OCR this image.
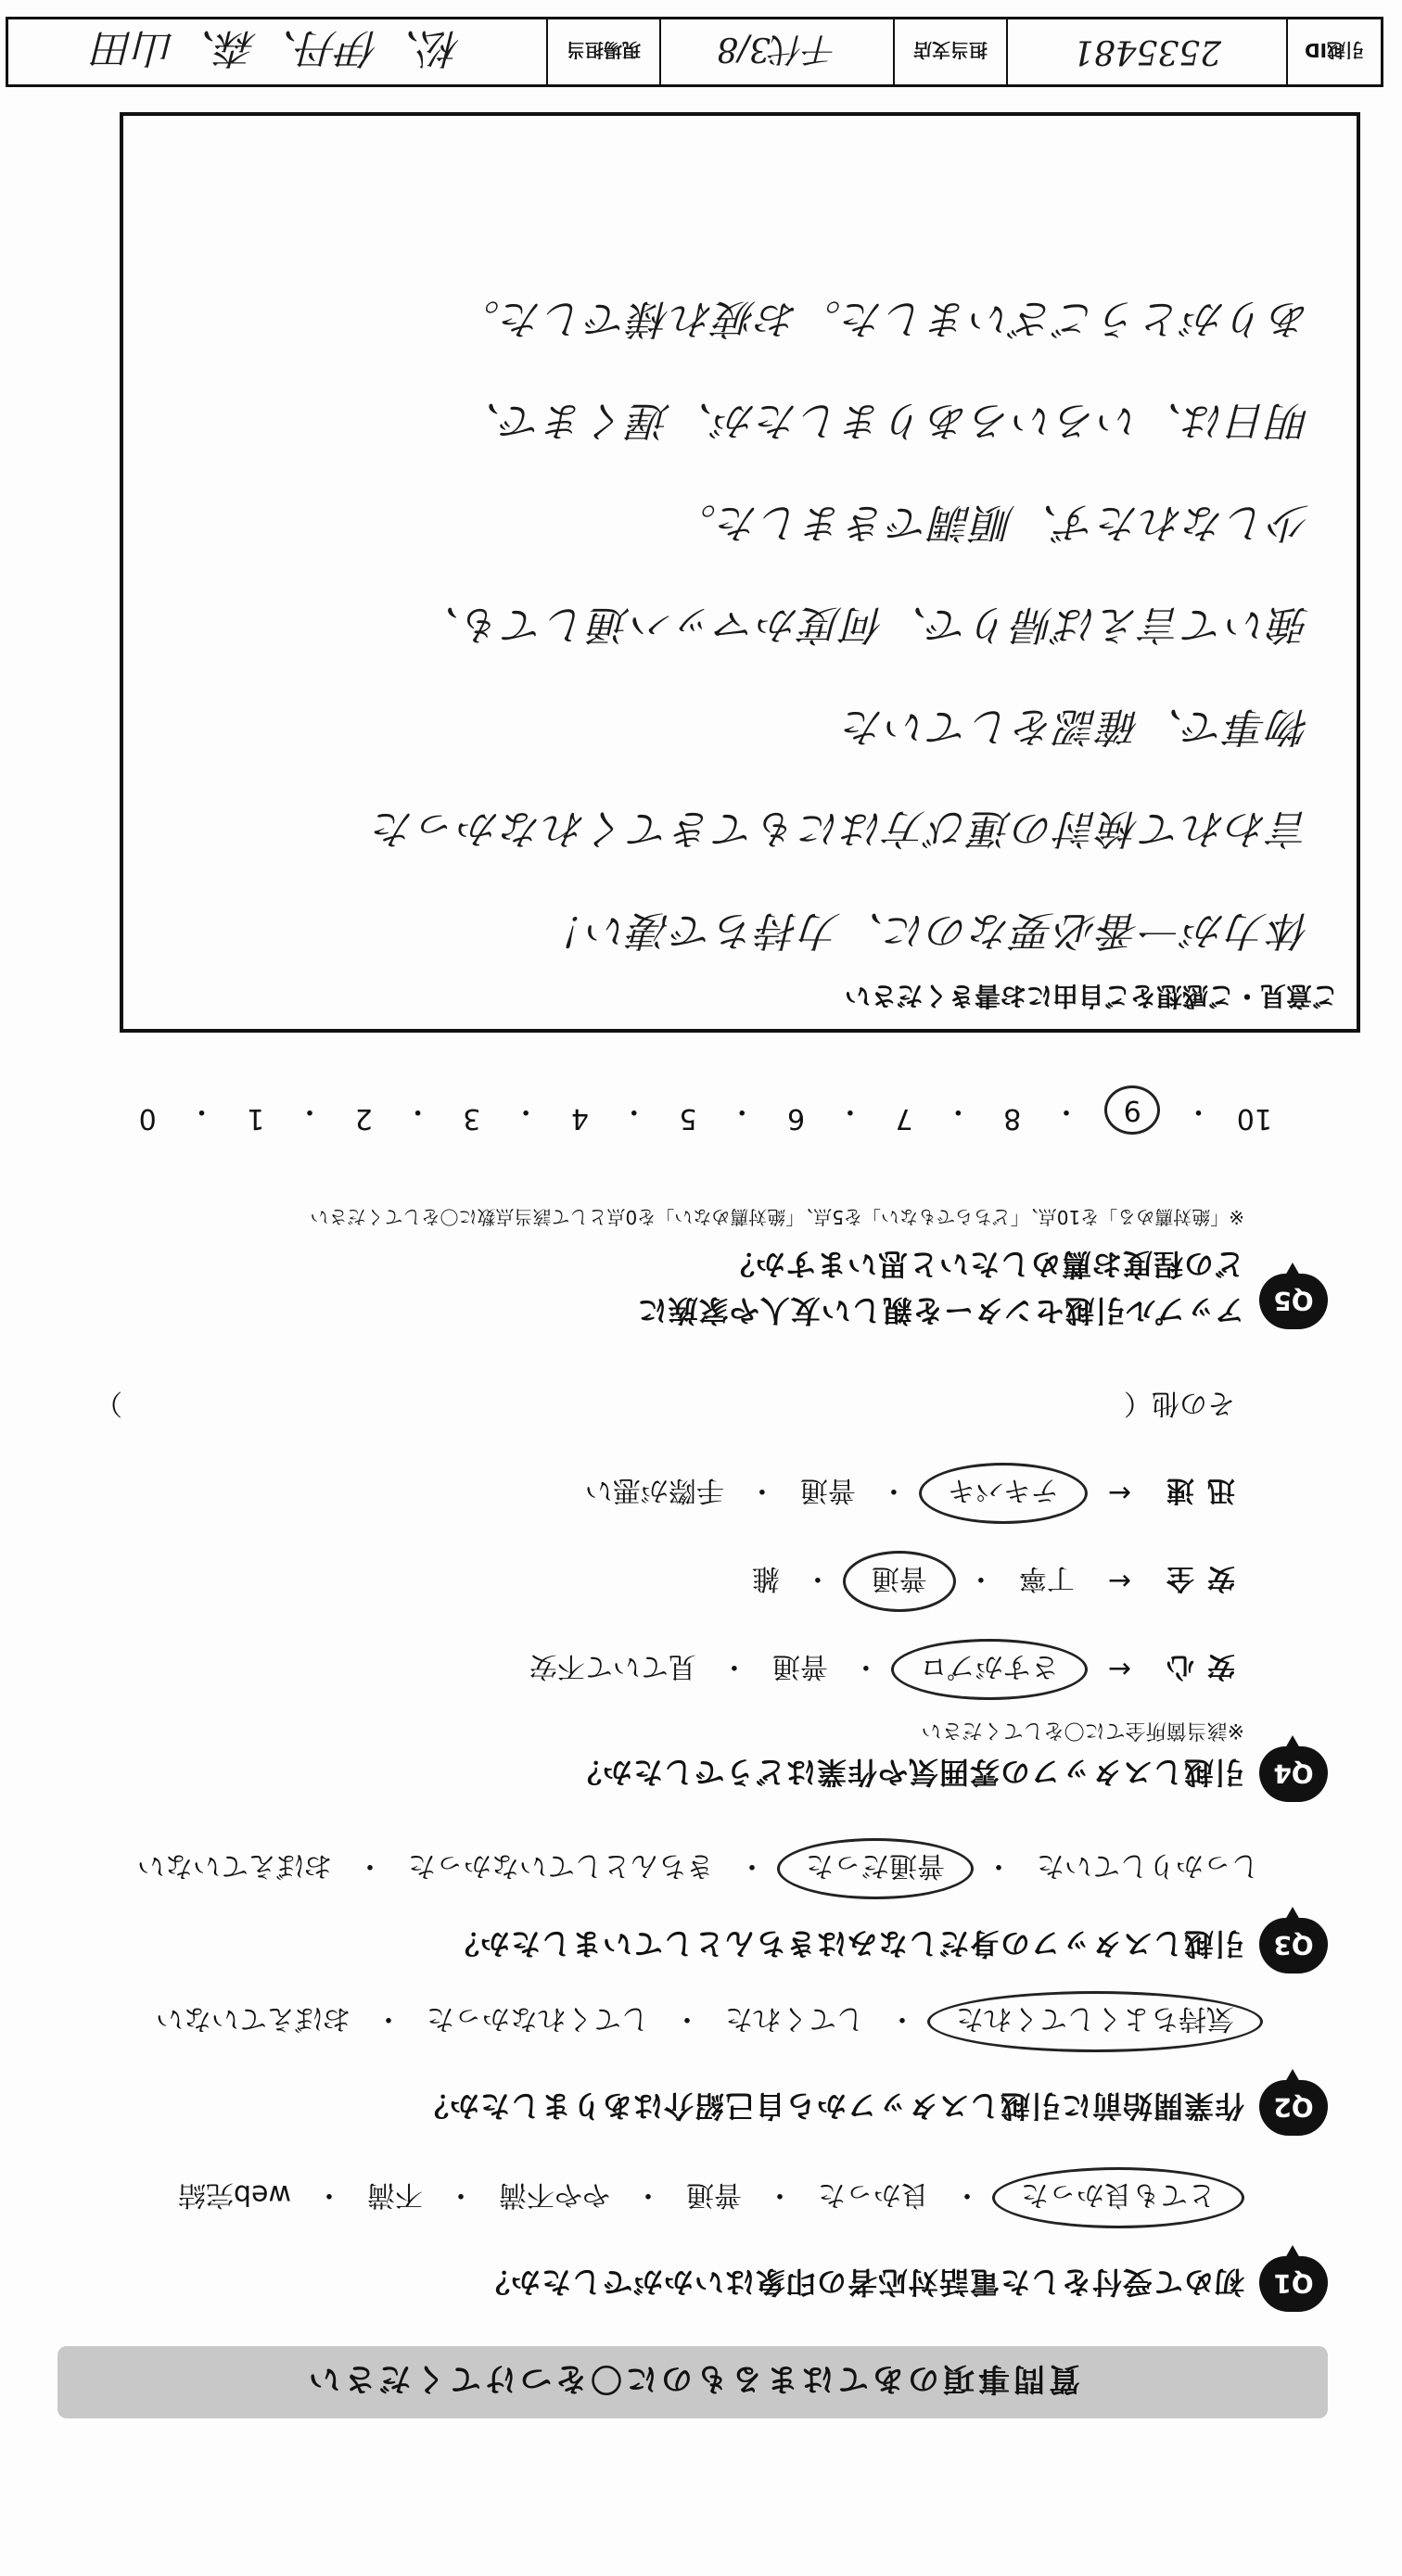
質問事項のあてはまるものに〇をつけてください
Q1
初めて受付をした電話対応者の印象はいかがでしたか？
とても良かった
・
良かった
・
普通
・
やや不満
・
不満
・
web完結
Q2
作業開始前に引越しスタッフから自己紹介はありましたか？
気持ちよくしてくれた
・
してくれた
・
してくれなかった
・
おぼえていない
Q3
引越しスタッフの身だしなみはきちんとしていましたか？
しっかりしていた
・
普通だった
・
きちんとしていなかった
・
おぼえていない
Q4
引越しスタッフの雰囲気や作業はどうでしたか？
※該当箇所全てに〇をしてください
安心
←
さすがプロ
・
普通
・
見ていて不安
安全
←
丁寧
・
普通
・
雑
迅速
←
テキパキ
・
普通
・
手際が悪い
その他（
）
Q5
アップル引越センターを親しい友人や家族に
どの程度お薦めしたいと思いますか？
※「絶対薦める」を10点、「どちらでもない」を5点、「絶対薦めない」を0点として該当点数に〇をしてください
10
・
9
・
8
・
7
・
6
・
5
・
4
・
3
・
2
・
1
・
0
ご意見・ご感想をご自由にお書きください
体力が一番必要なのに、力持ちで凄い！
言われて検討の運び方はにもてきてくれなかった
物事で、確認をしていた
強いて言えば帰りで、何度かマッハ通しても、
少しなれたず、順調できました。
明日は、いろいろありましたが、遅くまで、
ありがとうございました。お疲れ様でした。
引越ID
2535481
担当支店
千代3/8
現場担当
松、伊丹、森、山田
